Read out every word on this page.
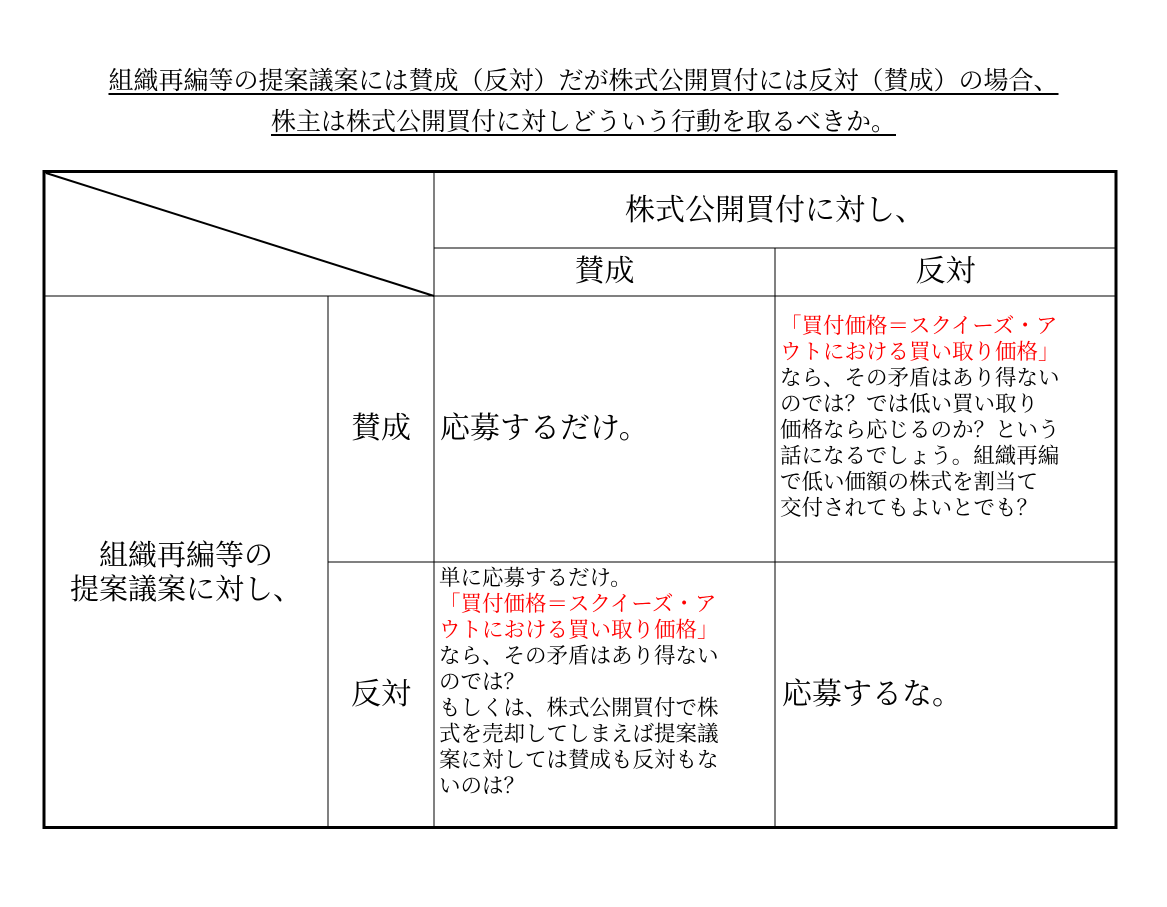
組織再編等の提案議案には賛成（反対）だが株式公開買付には反対（賛成）の場合、
株主は株式公開買付に対しどういう行動を取るべきか。
株式公開買付に対し、
賛成	反対
組織再編等の
提案議案に対し、
賛成
反対
応募するだけ。
「買付価格＝スクイーズ・ア
ウトにおける買い取り価格」
なら、その矛盾はあり得ない
のでは？では低い買い取り
価格なら応じるのか？という
話になるでしょう。組織再編
で低い価額の株式を割当て
交付されてもよいとでも？
単に応募するだけ。
「買付価格＝スクイーズ・ア
ウトにおける買い取り価格」
なら、その矛盾はあり得ない
のでは？
もしくは、株式公開買付で株
式を売却してしまえば提案議
案に対しては賛成も反対もな
いのは？
応募するな。
